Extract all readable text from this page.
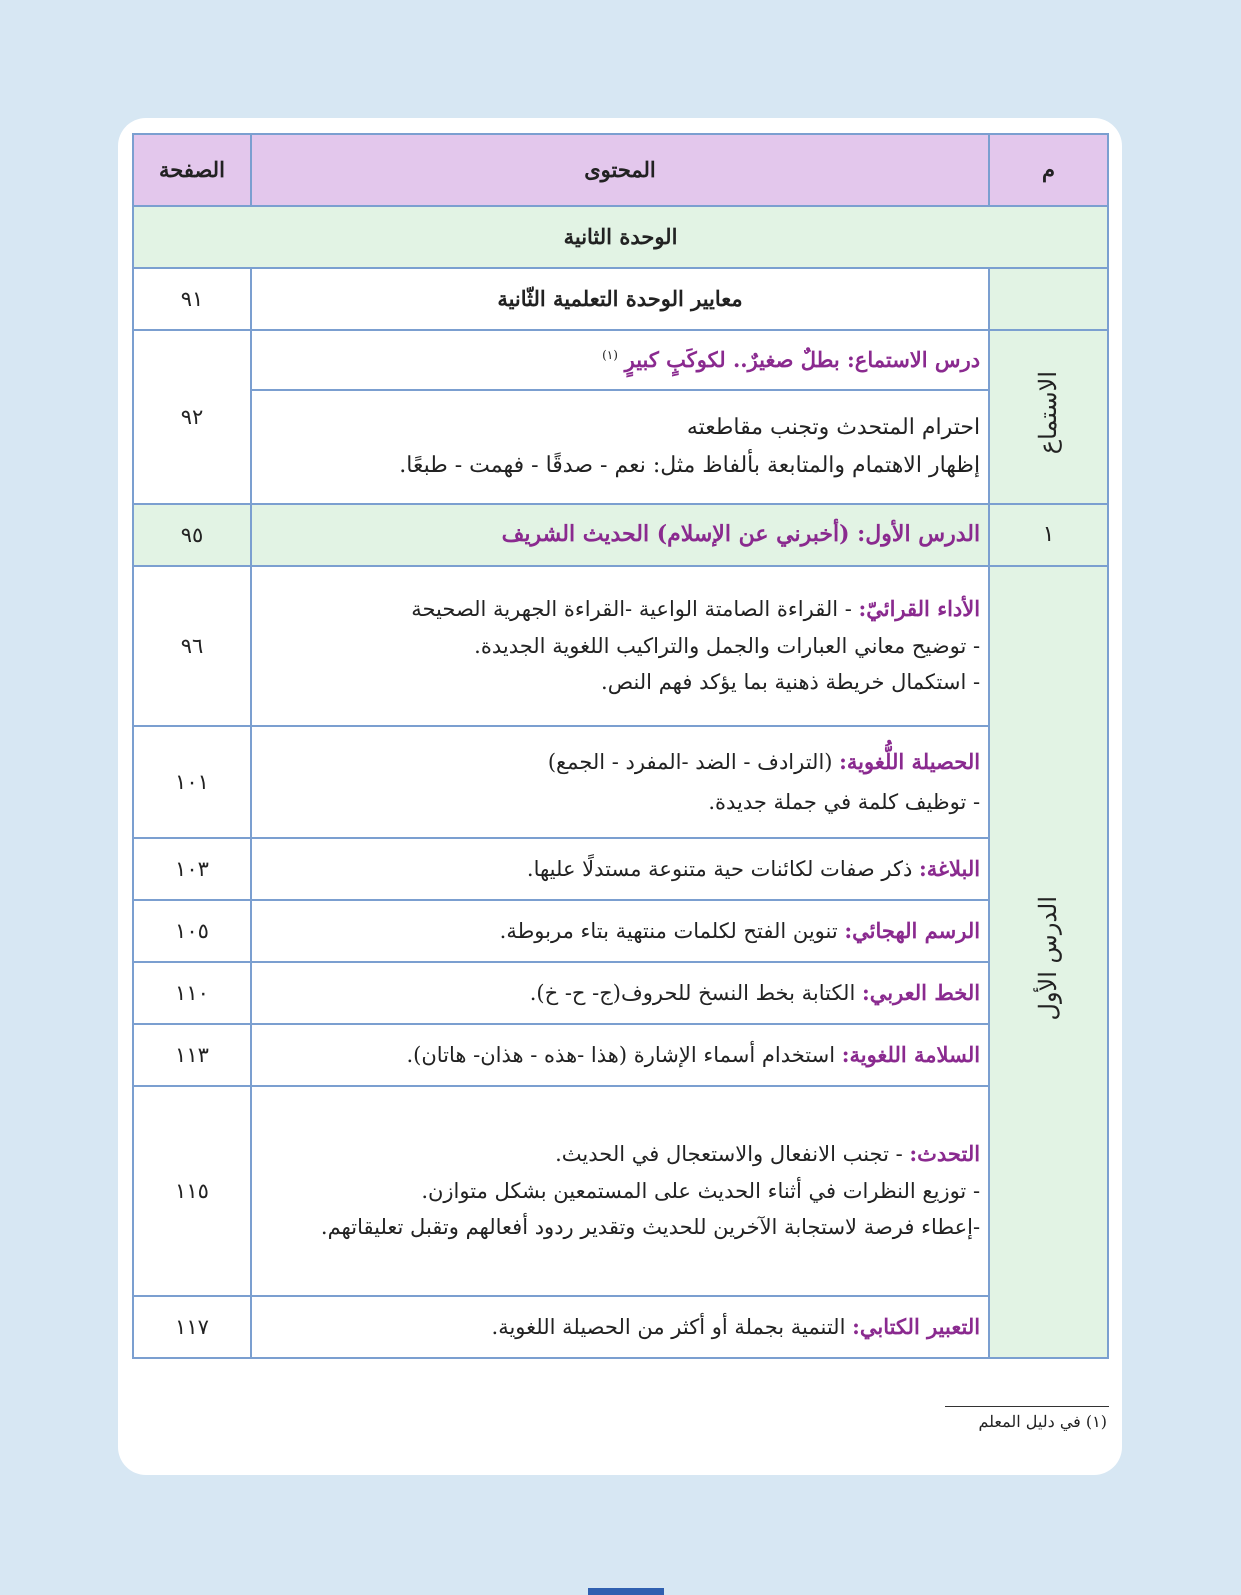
م	المحتوى	الصفحة
الوحدة الثانية		
	معايير الوحدة التعلمية الثّانية	٩١
الاستماع	درس الاستماع: بطلٌ صغيرٌ.. لكوكَبٍ كبيرٍ $^{(١)}$	٩٢

	احترام المتحدث وتجنب مقاطعته
إظهار الاهتمام والمتابعة بألفاظ مثل: نعم - صدقًا - فهمت - طبعًا.	

١	الدرس الأول: (أخبرني عن الإسلام) الحديث الشريف	٩٥
الدرس الأول	الأداء القرائيّ: - القراءة الصامتة الواعية -القراءة الجهرية الصحيحة
- توضيح معاني العبارات والجمل والتراكيب اللغوية الجديدة.
- استكمال خريطة ذهنية بما يؤكد فهم النص.	٩٦

	الحصيلة اللُّغوية: (الترادف - الضد -المفرد - الجمع)
- توظيف كلمة في جملة جديدة.	١٠١
	البلاغة: ذكر صفات لكائنات حية متنوعة مستدلًا عليها.	١٠٣
	الرسم الهجائي: تنوين الفتح لكلمات منتهية بتاء مربوطة.	١٠٥
	الخط العربي: الكتابة بخط النسخ للحروف(ج- ح- خ).	١١٠
	السلامة اللغوية: استخدام أسماء الإشارة (هذا -هذه - هذان- هاتان).	١١٣

	التحدث: - تجنب الانفعال والاستعجال في الحديث.
- توزيع النظرات في أثناء الحديث على المستمعين بشكل متوازن.
-إعطاء فرصة لاستجابة الآخرين للحديث وتقدير ردود أفعالهم وتقبل تعليقاتهم.	١١٥
	التعبير الكتابي: التنمية بجملة أو أكثر من الحصيلة اللغوية.	١١٧
(١) في دليل المعلم
